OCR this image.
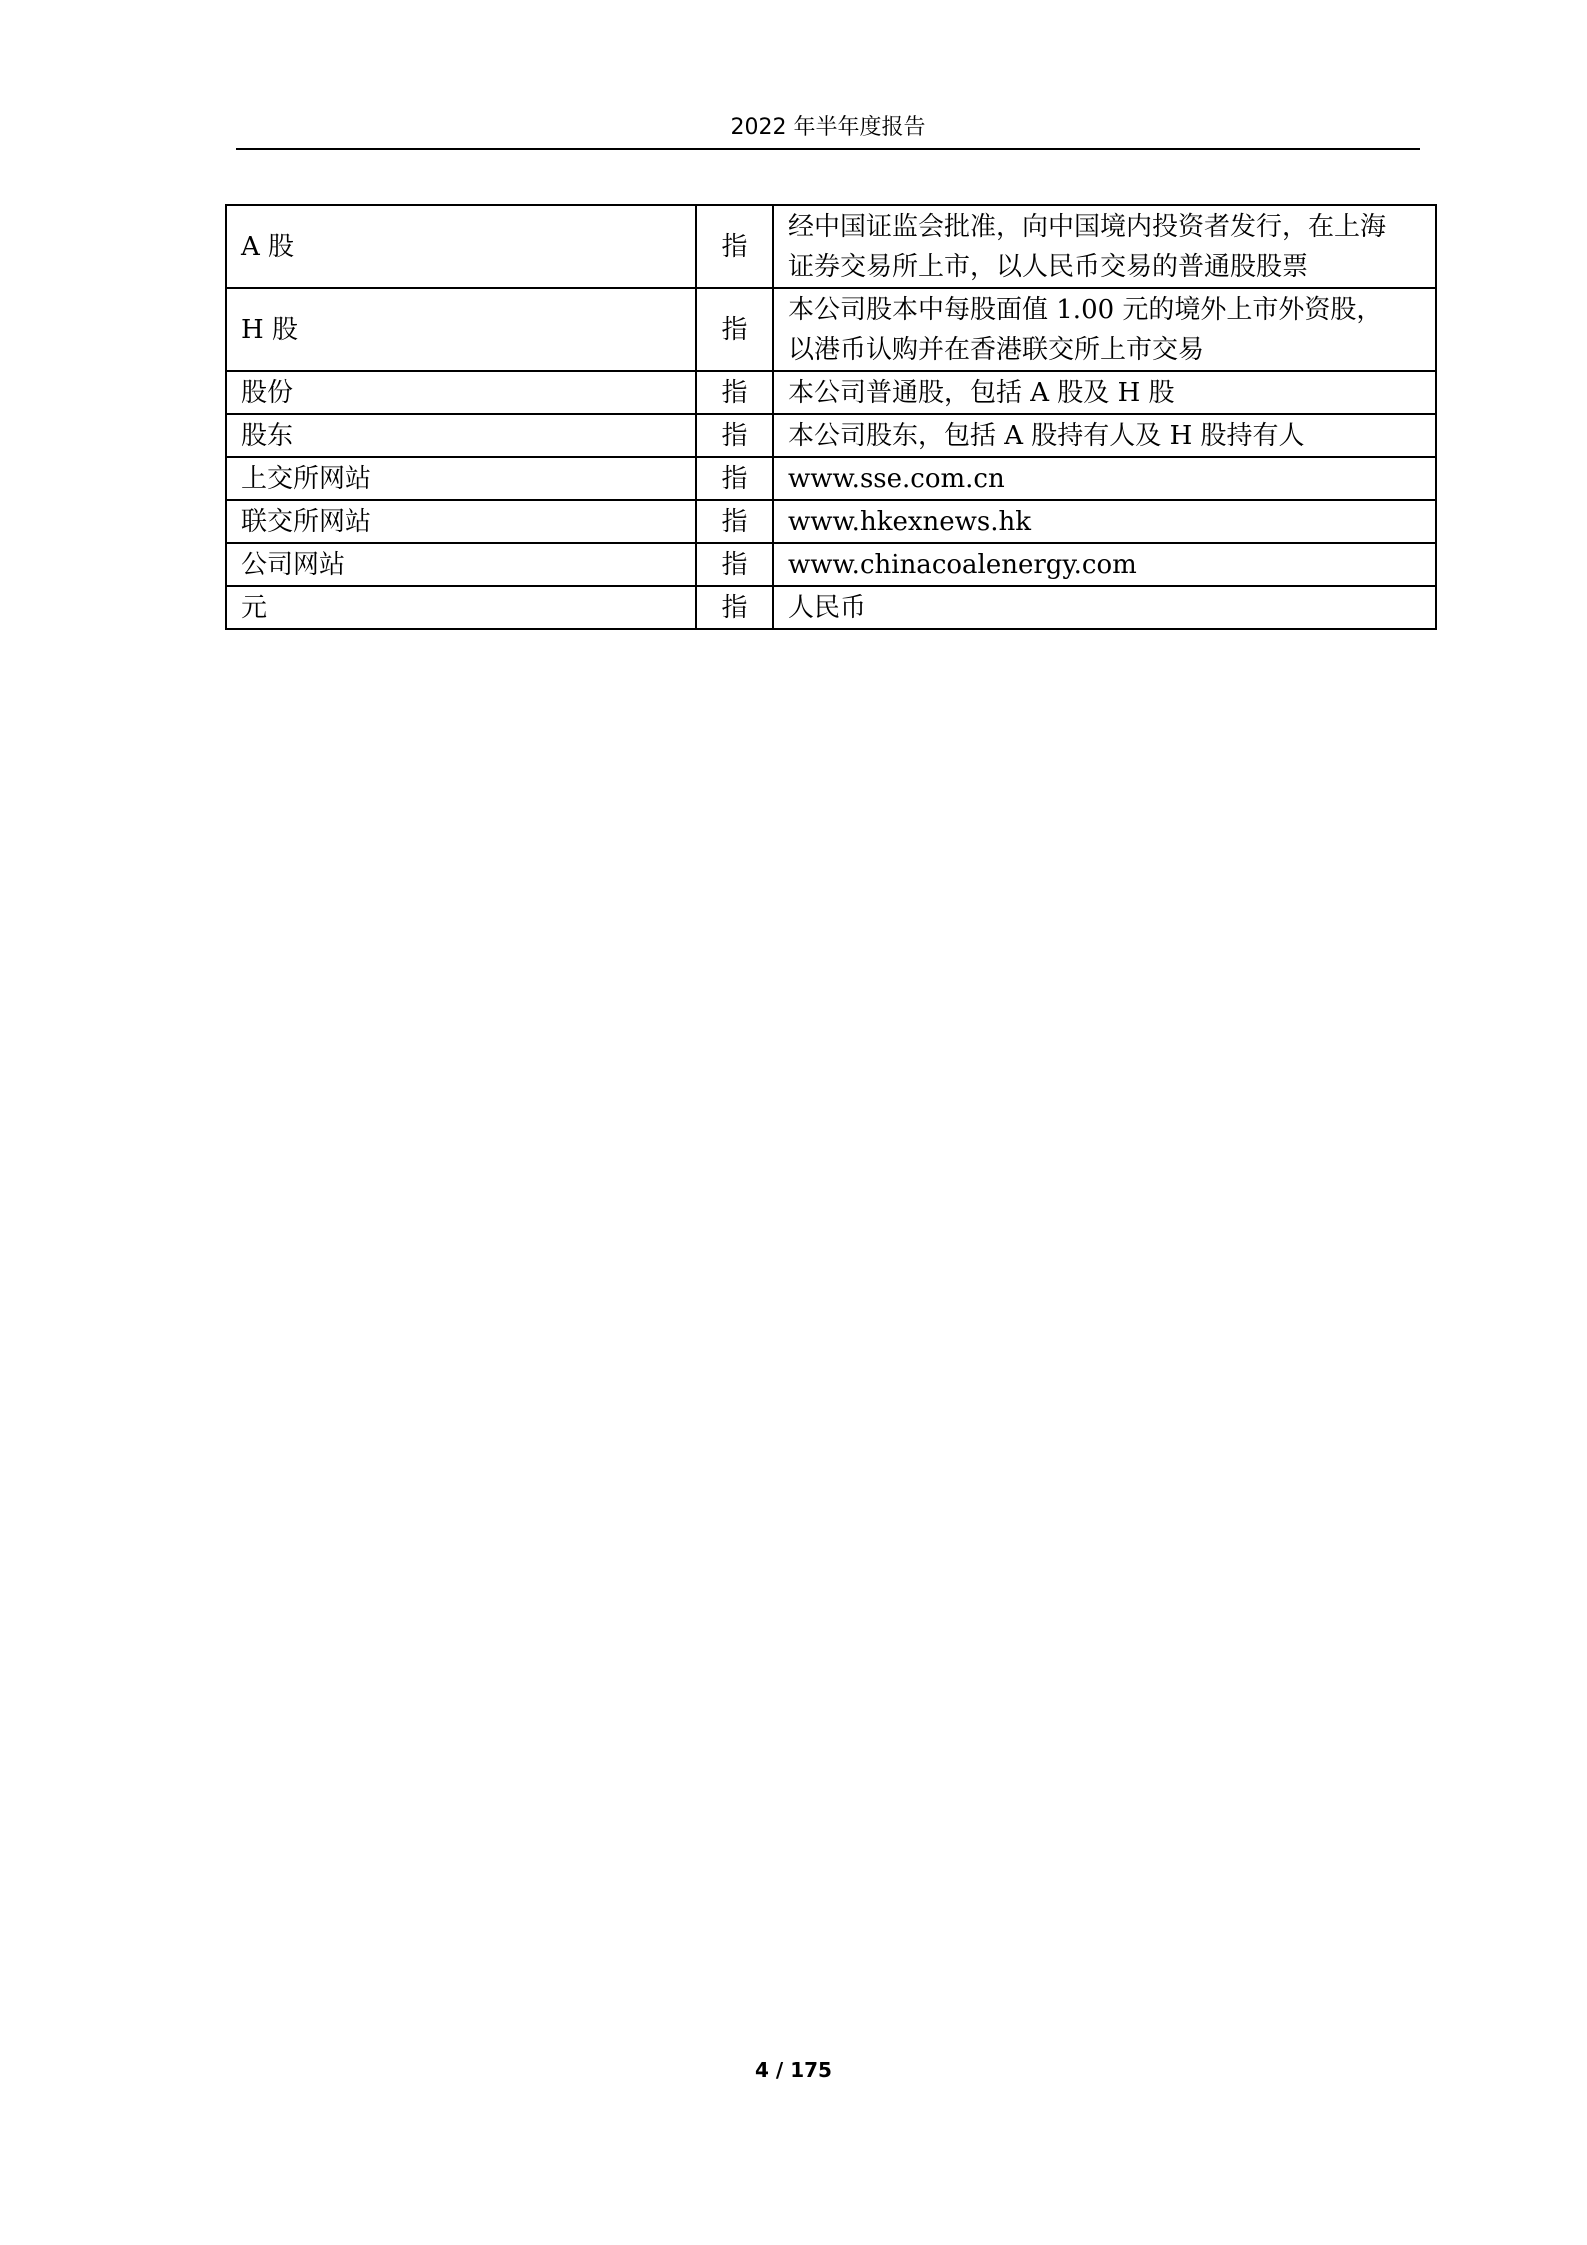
2022 年半年度报告
A 股	指	经中国证监会批准，向中国境内投资者发行，在上海
证券交易所上市，以人民币交易的普通股股票

H 股	指	本公司股本中每股面值 1.00 元的境外上市外资股，
以港币认购并在香港联交所上市交易

股份	指	本公司普通股，包括 A 股及 H 股

股东	指	本公司股东，包括 A 股持有人及 H 股持有人

上交所网站	指	www.sse.com.cn

联交所网站	指	www.hkexnews.hk

公司网站	指	www.chinacoalenergy.com

元	指	人民币
4 / 175
